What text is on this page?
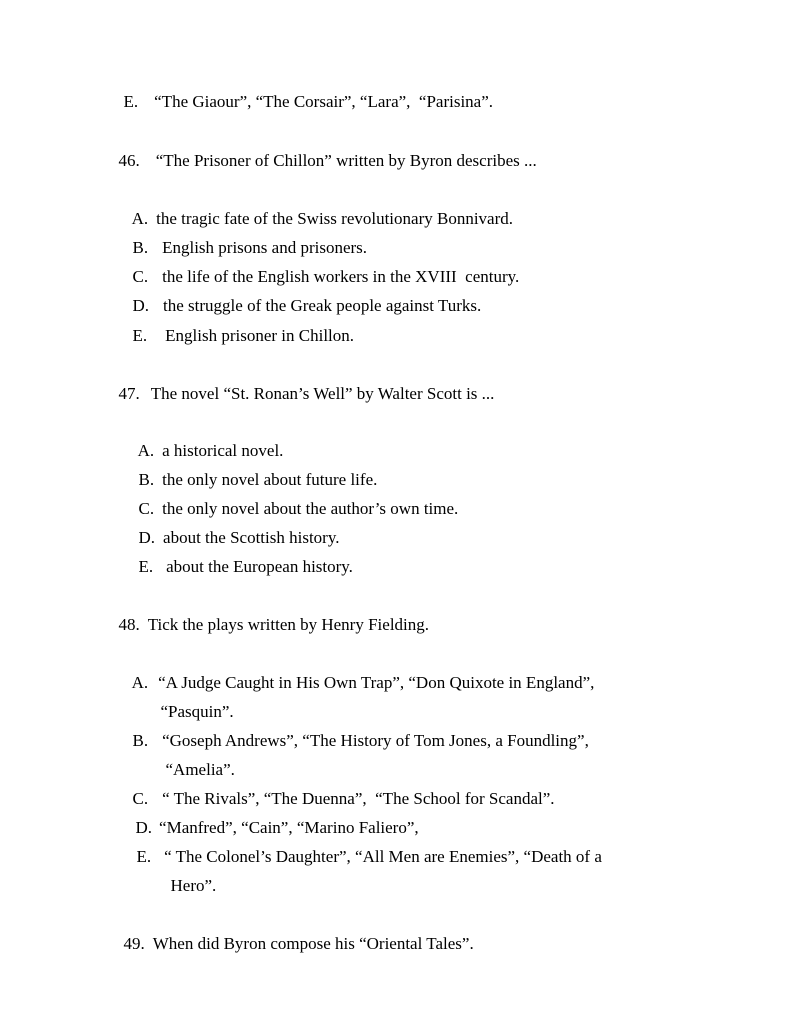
E. “The Giaour”, “The Corsair”, “Lara”,  “Parisina”.

46. “The Prisoner of Chillon” written by Byron describes ...

A. the tragic fate of the Swiss revolutionary Bonnivard.

B. English prisons and prisoners.

C. the life of the English workers in the XVIII  century.

D. the struggle of the Greak people against Turks.

E. English prisoner in Chillon.

47. The novel “St. Ronan’s Well” by Walter Scott is ...

A. a historical novel.

B. the only novel about future life.

C. the only novel about the author’s own time.

D. about the Scottish history.

E. about the European history.

48. Tick the plays written by Henry Fielding.

A. “A Judge Caught in His Own Trap”, “Don Quixote in England”,

“Pasquin”.

B. “Goseph Andrews”, “The History of Tom Jones, a Foundling”,

“Amelia”.

C. “ The Rivals”, “The Duenna”,  “The School for Scandal”.

D. “Manfred”, “Cain”, “Marino Faliero”,

E. “ The Colonel’s Daughter”, “All Men are Enemies”, “Death of a

Hero”.

49. When did Byron compose his “Oriental Tales”.
